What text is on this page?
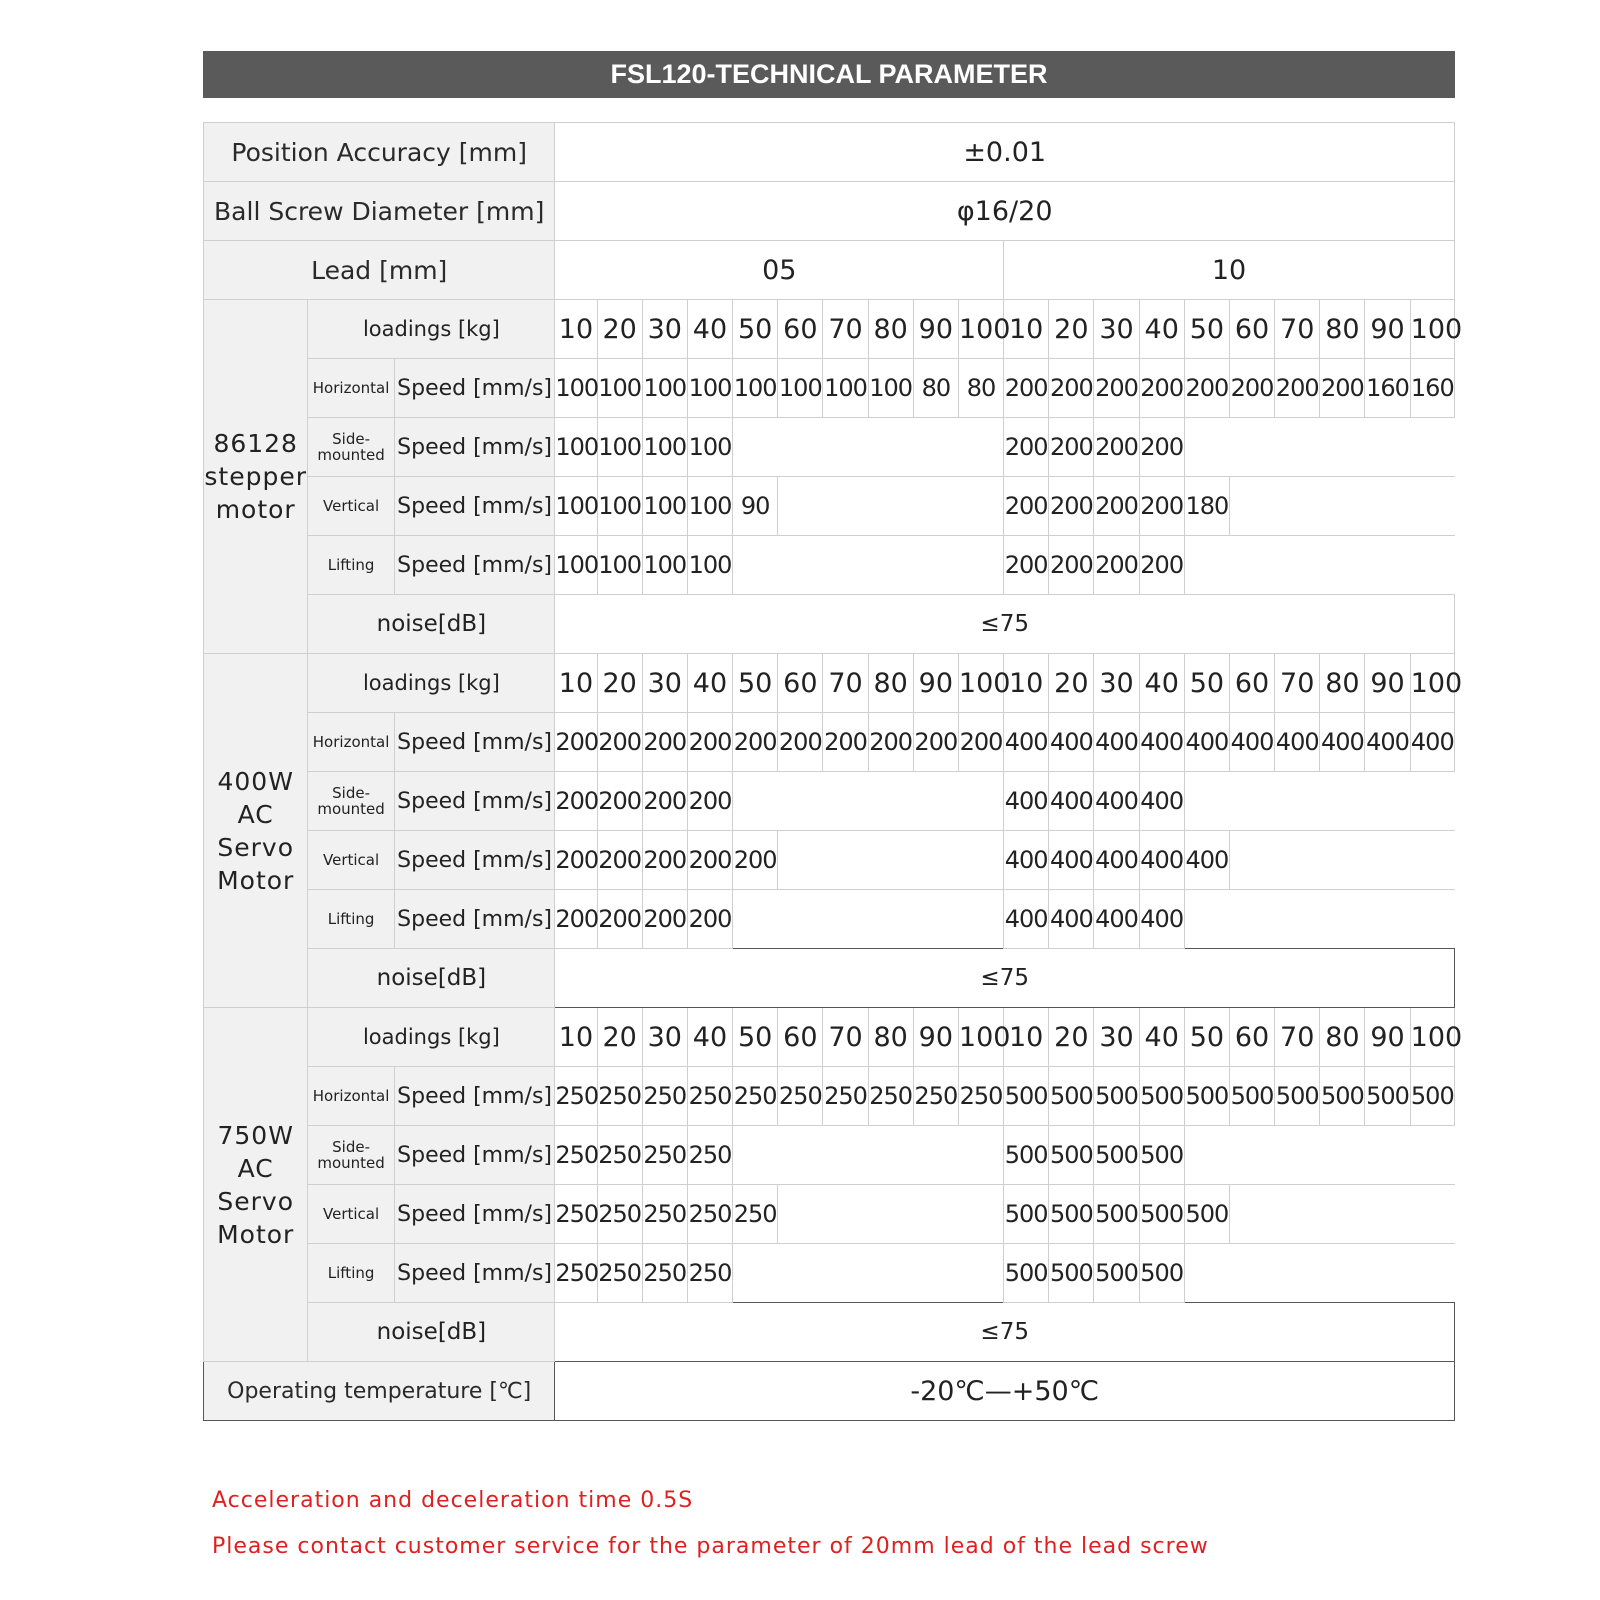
FSL120-TECHNICAL PARAMETER
Position Accuracy [mm]			±0.01																			
Ball Screw Diameter [mm]			φ16/20																			
Lead [mm]			05										10									
86128
stepper
motor	loadings [kg]		10	20	30	40	50	60	70	80	90	100	10	20	30	40	50	60	70	80	90	100
	Horizontal	Speed [mm/s]	100	100	100	100	100	100	100	100	80	80	200	200	200	200	200	200	200	200	160	160
	Side-
mounted	Speed [mm/s]	100	100	100	100							200	200	200	200						
	Vertical	Speed [mm/s]	100	100	100	100	90						200	200	200	200	180					
	Lifting	Speed [mm/s]	100	100	100	100							200	200	200	200						
	noise[dB]		≤75																			
400W
AC
Servo
Motor	loadings [kg]		10	20	30	40	50	60	70	80	90	100	10	20	30	40	50	60	70	80	90	100
	Horizontal	Speed [mm/s]	200	200	200	200	200	200	200	200	200	200	400	400	400	400	400	400	400	400	400	400
	Side-
mounted	Speed [mm/s]	200	200	200	200							400	400	400	400						
	Vertical	Speed [mm/s]	200	200	200	200	200						400	400	400	400	400					
	Lifting	Speed [mm/s]	200	200	200	200							400	400	400	400						
	noise[dB]		≤75																			
750W
AC
Servo
Motor	loadings [kg]		10	20	30	40	50	60	70	80	90	100	10	20	30	40	50	60	70	80	90	100
	Horizontal	Speed [mm/s]	250	250	250	250	250	250	250	250	250	250	500	500	500	500	500	500	500	500	500	500
	Side-
mounted	Speed [mm/s]	250	250	250	250							500	500	500	500						
	Vertical	Speed [mm/s]	250	250	250	250	250						500	500	500	500	500					
	Lifting	Speed [mm/s]	250	250	250	250							500	500	500	500						
	noise[dB]		≤75																			
Operating temperature [℃]			-20℃—+50℃																			
Acceleration and deceleration time 0.5S
Please contact customer service for the parameter of 20mm lead of the lead screw
